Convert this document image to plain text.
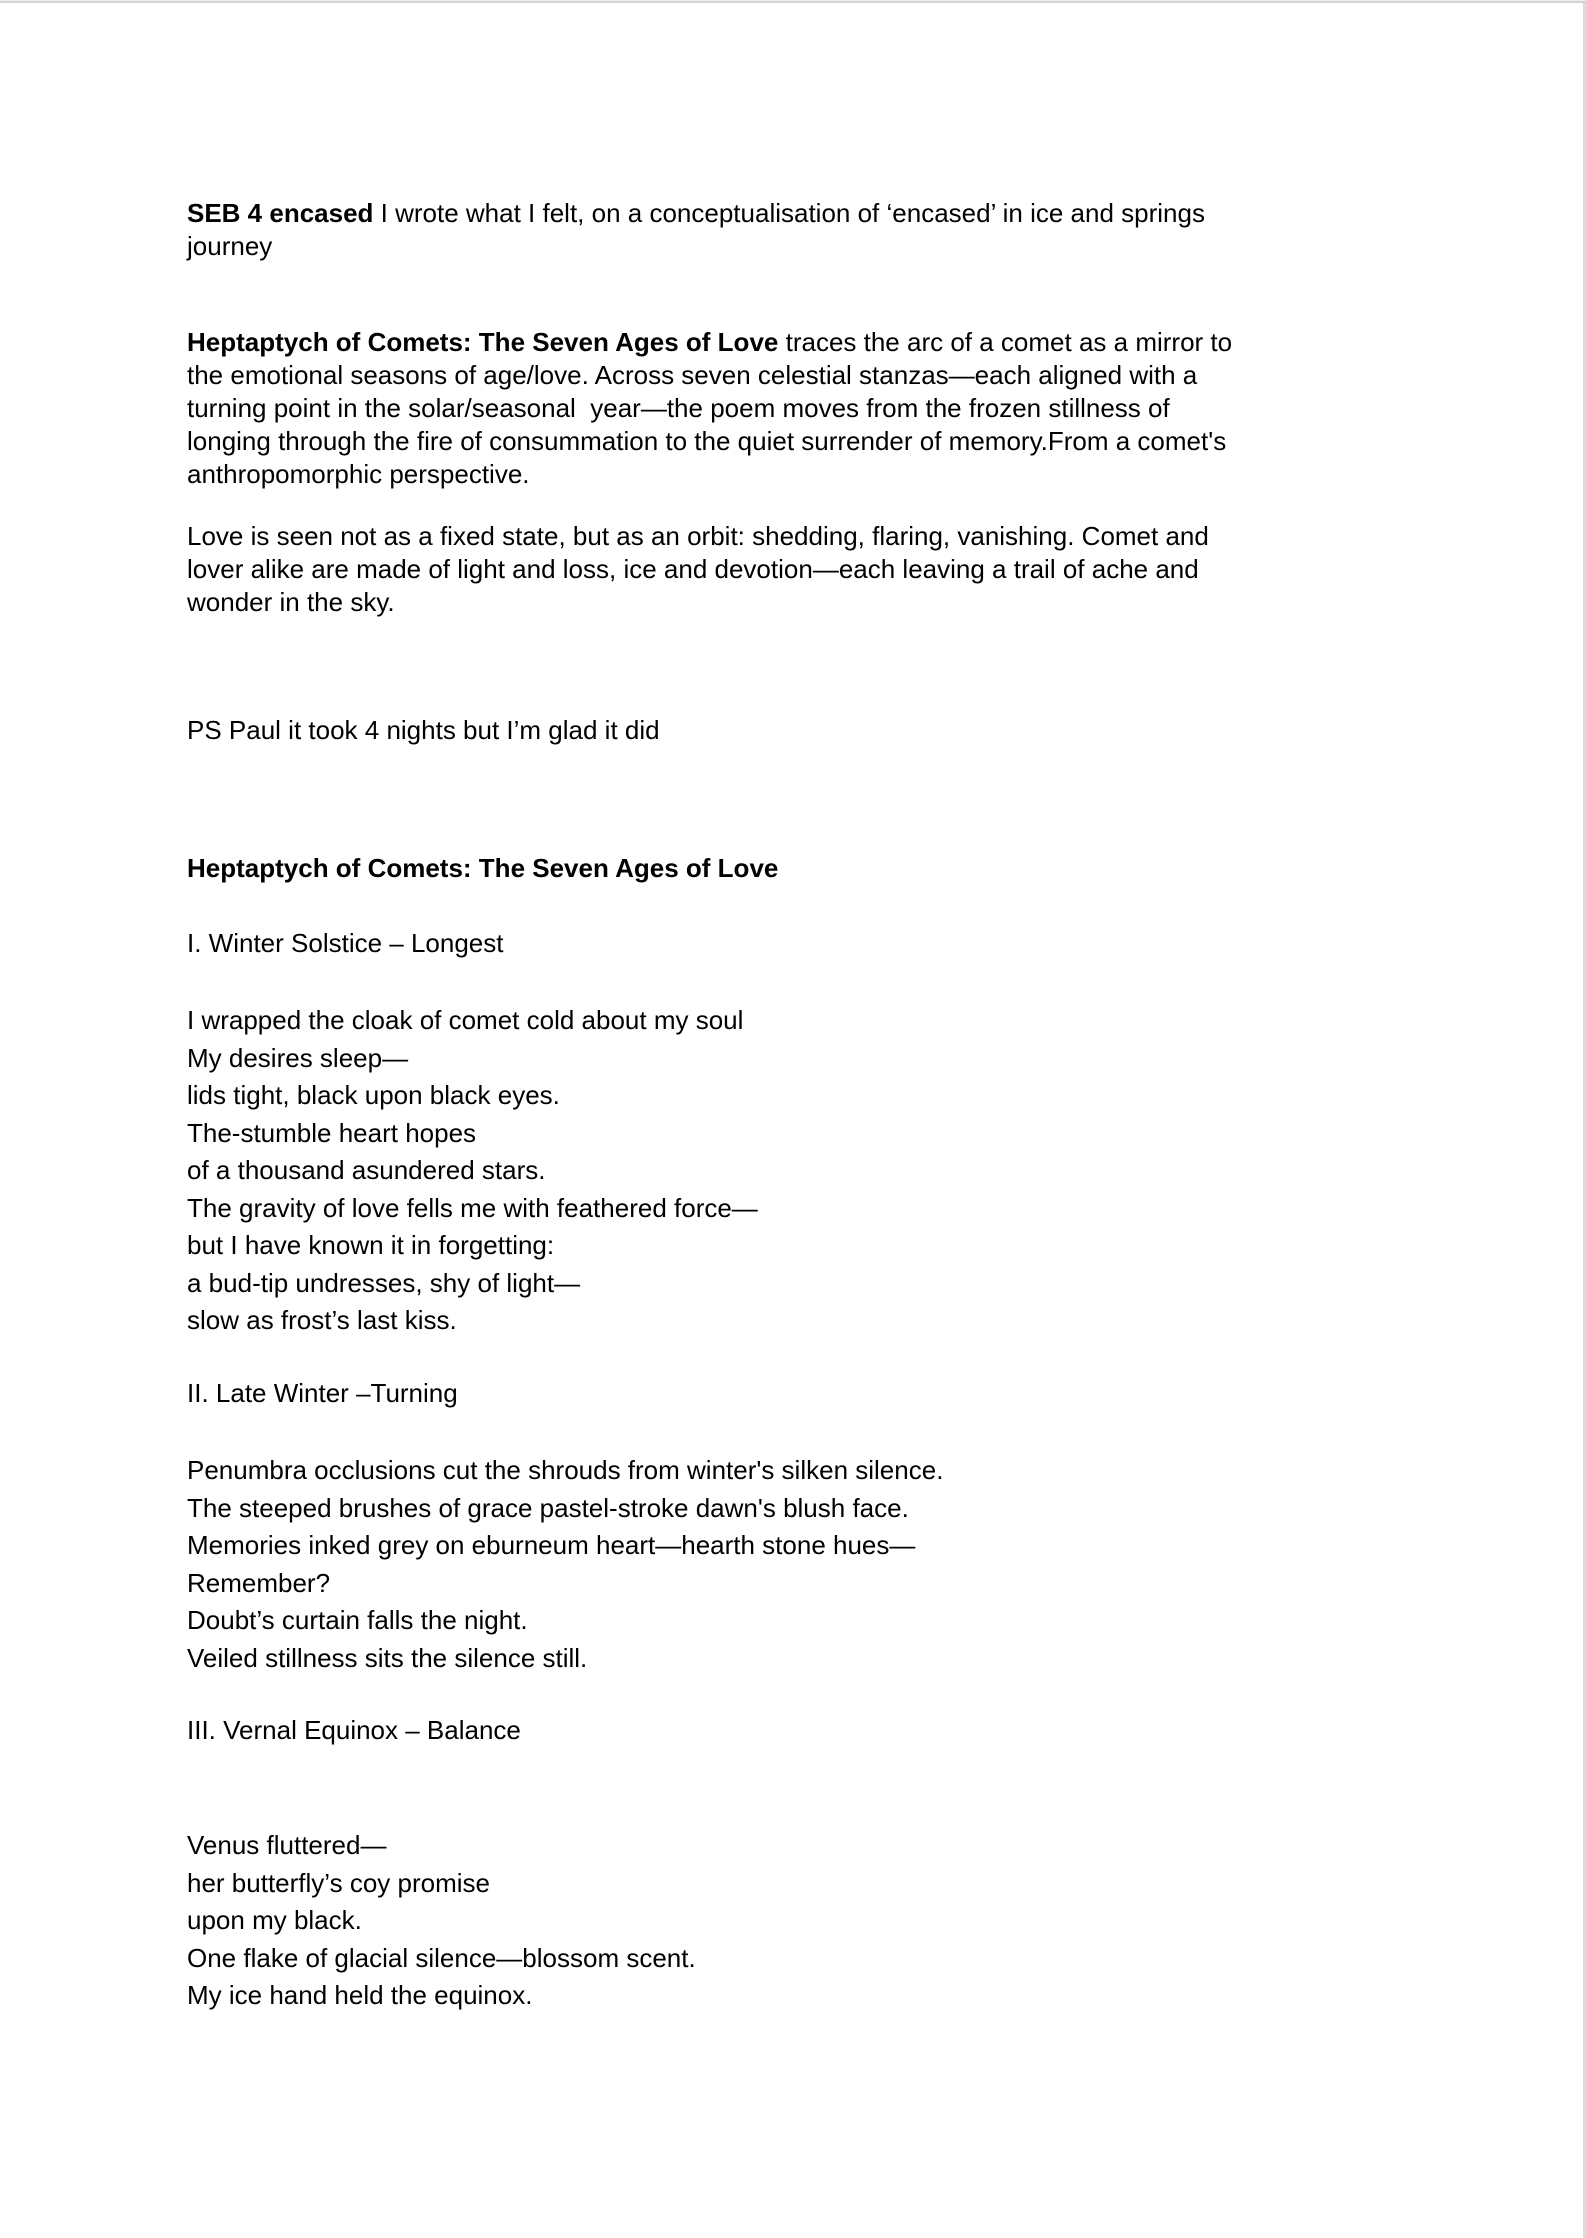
SEB 4 encased I wrote what I felt, on a conceptualisation of ‘encased’ in ice and springs
journey
Heptaptych of Comets: The Seven Ages of Love traces the arc of a comet as a mirror to
the emotional seasons of age/love. Across seven celestial stanzas—each aligned with a
turning point in the solar/seasonal  year—the poem moves from the frozen stillness of
longing through the fire of consummation to the quiet surrender of memory.From a comet's
anthropomorphic perspective.
Love is seen not as a fixed state, but as an orbit: shedding, flaring, vanishing. Comet and
lover alike are made of light and loss, ice and devotion—each leaving a trail of ache and
wonder in the sky.
PS Paul it took 4 nights but I’m glad it did
Heptaptych of Comets: The Seven Ages of Love
I. Winter Solstice – Longest
I wrapped the cloak of comet cold about my soul
My desires sleep—
lids tight, black upon black eyes.
The-stumble heart hopes
of a thousand asundered stars.
The gravity of love fells me with feathered force—
but I have known it in forgetting:
a bud-tip undresses, shy of light—
slow as frost’s last kiss.
II. Late Winter –Turning
Penumbra occlusions cut the shrouds from winter's silken silence.
The steeped brushes of grace pastel-stroke dawn's blush face.
Memories inked grey on eburneum heart—hearth stone hues—
Remember?
Doubt’s curtain falls the night.
Veiled stillness sits the silence still.
III. Vernal Equinox – Balance
Venus fluttered—
her butterfly’s coy promise
upon my black.
One flake of glacial silence—blossom scent.
My ice hand held the equinox.
